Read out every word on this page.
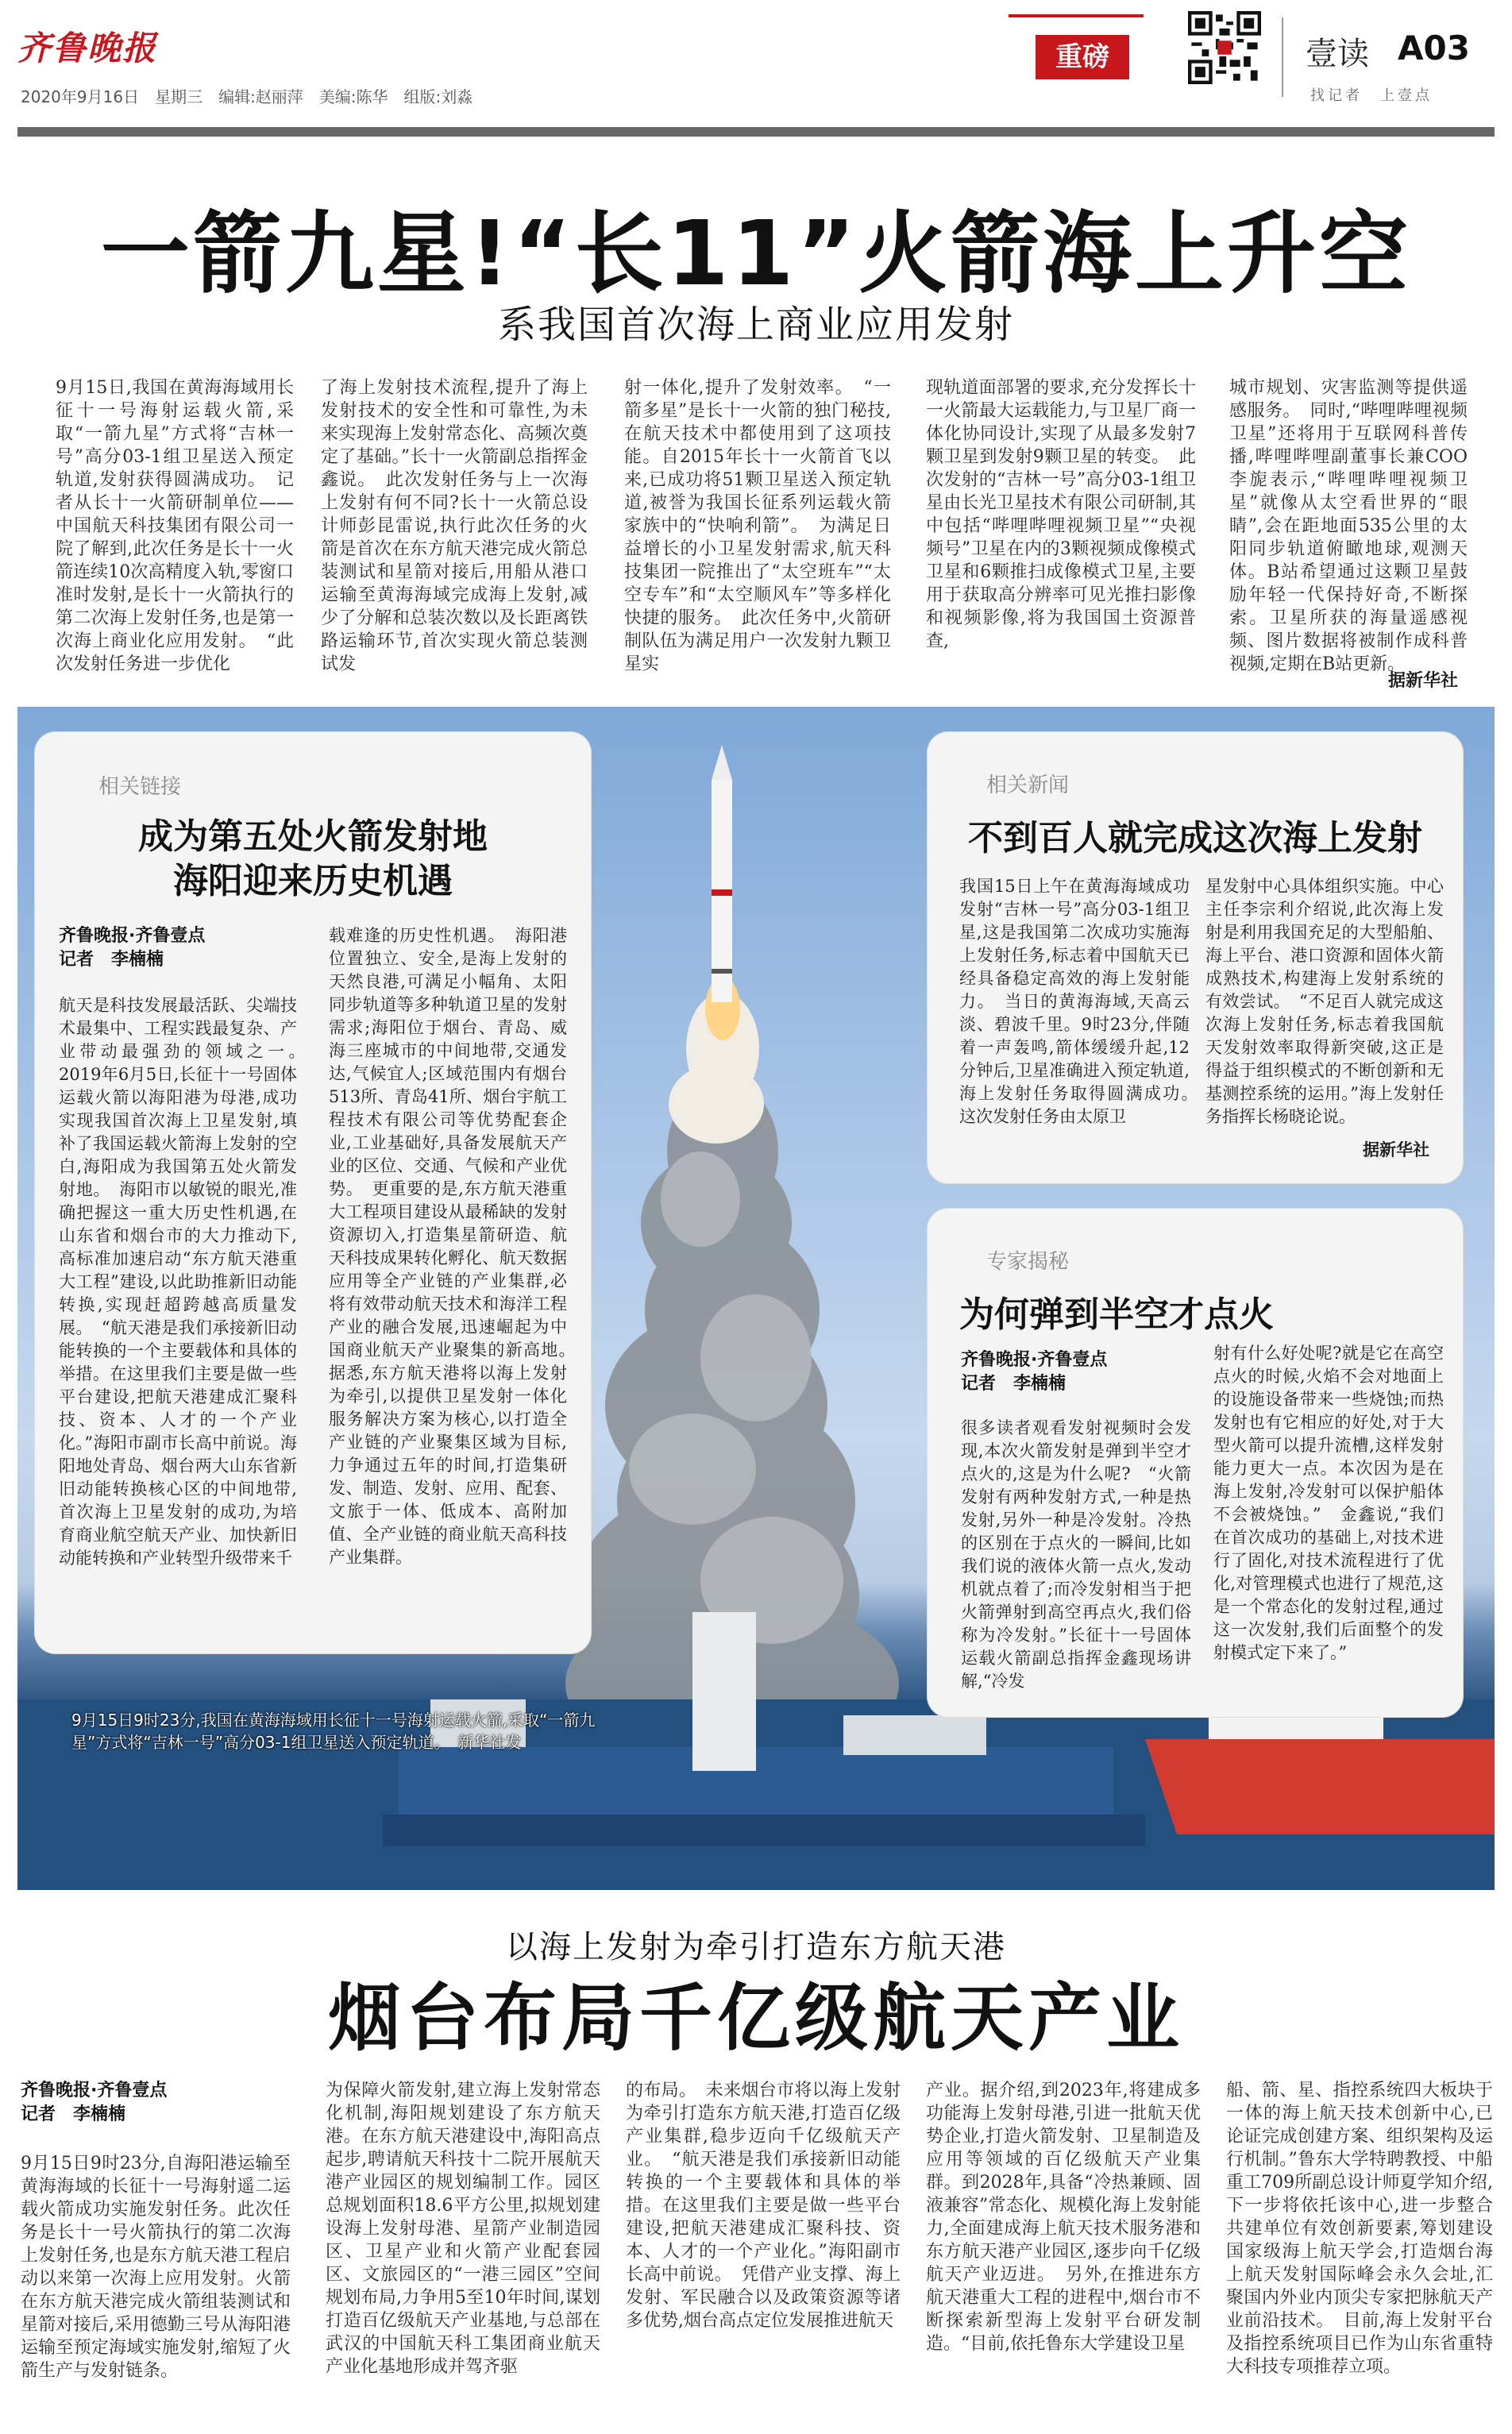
齐鲁晚报
2020年9月16日　星期三　编辑:赵丽萍　美编:陈华　组版:刘淼
重磅	壹读 A03
找记者　上壹点
一箭九星!“长11”火箭海上升空
系我国首次海上商业应用发射
9月15日,我国在黄海海域用长征十一号海射运载火箭,采取“一箭九星”方式将“吉林一号”高分03-1组卫星送入预定轨道,发射获得圆满成功。　记者从长十一火箭研制单位——中国航天科技集团有限公司一院了解到,此次任务是长十一火箭连续10次高精度入轨,零窗口准时发射,是长十一火箭执行的第二次海上发射任务,也是第一次海上商业化应用发射。　“此次发射任务进一步优化
了海上发射技术流程,提升了海上发射技术的安全性和可靠性,为未来实现海上发射常态化、高频次奠定了基础。”长十一火箭副总指挥金鑫说。　此次发射任务与上一次海上发射有何不同?长十一火箭总设计师彭昆雷说,执行此次任务的火箭是首次在东方航天港完成火箭总装测试和星箭对接后,用船从港口运输至黄海海域完成海上发射,减少了分解和总装次数以及长距离铁路运输环节,首次实现火箭总装测试发
射一体化,提升了发射效率。　“一箭多星”是长十一火箭的独门秘技,在航天技术中都使用到了这项技能。自2015年长十一火箭首飞以来,已成功将51颗卫星送入预定轨道,被誉为我国长征系列运载火箭家族中的“快响利箭”。　为满足日益增长的小卫星发射需求,航天科技集团一院推出了“太空班车”“太空专车”和“太空顺风车”等多样化快捷的服务。　此次任务中,火箭研制队伍为满足用户一次发射九颗卫星实
现轨道面部署的要求,充分发挥长十一火箭最大运载能力,与卫星厂商一体化协同设计,实现了从最多发射7颗卫星到发射9颗卫星的转变。　此次发射的“吉林一号”高分03-1组卫星由长光卫星技术有限公司研制,其中包括“哔哩哔哩视频卫星”“央视频号”卫星在内的3颗视频成像模式卫星和6颗推扫成像模式卫星,主要用于获取高分辨率可见光推扫影像和视频影像,将为我国国土资源普查,
城市规划、灾害监测等提供遥感服务。　同时,“哔哩哔哩视频卫星”还将用于互联网科普传播,哔哩哔哩副董事长兼COO李旎表示,“哔哩哔哩视频卫星”就像从太空看世界的“眼睛”,会在距地面535公里的太阳同步轨道俯瞰地球,观测天体。B站希望通过这颗卫星鼓励年轻一代保持好奇,不断探索。卫星所获的海量遥感视频、图片数据将被制作成科普视频,定期在B站更新。
据新华社
相关链接
成为第五处火箭发射地
海阳迎来历史机遇
齐鲁晚报·齐鲁壹点
记者　李楠楠
航天是科技发展最活跃、尖端技术最集中、工程实践最复杂、产业带动最强劲的领域之一。　2019年6月5日,长征十一号固体运载火箭以海阳港为母港,成功实现我国首次海上卫星发射,填补了我国运载火箭海上发射的空白,海阳成为我国第五处火箭发射地。　海阳市以敏锐的眼光,准确把握这一重大历史性机遇,在山东省和烟台市的大力推动下,高标准加速启动“东方航天港重大工程”建设,以此助推新旧动能转换,实现赶超跨越高质量发展。　“航天港是我们承接新旧动能转换的一个主要载体和具体的举措。在这里我们主要是做一些平台建设,把航天港建成汇聚科技、资本、人才的一个产业化。”海阳市副市长高中前说。海阳地处青岛、烟台两大山东省新旧动能转换核心区的中间地带,首次海上卫星发射的成功,为培育商业航空航天产业、加快新旧动能转换和产业转型升级带来千
载难逢的历史性机遇。　海阳港位置独立、安全,是海上发射的天然良港,可满足小幅角、太阳同步轨道等多种轨道卫星的发射需求;海阳位于烟台、青岛、威海三座城市的中间地带,交通发达,气候宜人;区域范围内有烟台513所、青岛41所、烟台宇航工程技术有限公司等优势配套企业,工业基础好,具备发展航天产业的区位、交通、气候和产业优势。　更重要的是,东方航天港重大工程项目建设从最稀缺的发射资源切入,打造集星箭研造、航天科技成果转化孵化、航天数据应用等全产业链的产业集群,必将有效带动航天技术和海洋工程产业的融合发展,迅速崛起为中国商业航天产业聚集的新高地。　据悉,东方航天港将以海上发射为牵引,以提供卫星发射一体化服务解决方案为核心,以打造全产业链的产业聚集区域为目标,力争通过五年的时间,打造集研发、制造、发射、应用、配套、文旅于一体、低成本、高附加值、全产业链的商业航天高科技产业集群。
相关新闻
不到百人就完成这次海上发射
我国15日上午在黄海海域成功发射“吉林一号”高分03-1组卫星,这是我国第二次成功实施海上发射任务,标志着中国航天已经具备稳定高效的海上发射能力。　当日的黄海海域,天高云淡、碧波千里。9时23分,伴随着一声轰鸣,箭体缓缓升起,12分钟后,卫星准确进入预定轨道,海上发射任务取得圆满成功。　这次发射任务由太原卫
星发射中心具体组织实施。中心主任李宗利介绍说,此次海上发射是利用我国充足的大型船舶、海上平台、港口资源和固体火箭成熟技术,构建海上发射系统的有效尝试。　“不足百人就完成这次海上发射任务,标志着我国航天发射效率取得新突破,这正是得益于组织模式的不断创新和无基测控系统的运用。”海上发射任务指挥长杨晓论说。
据新华社
专家揭秘
为何弹到半空才点火
齐鲁晚报·齐鲁壹点
记者　李楠楠
很多读者观看发射视频时会发现,本次火箭发射是弹到半空才点火的,这是为什么呢?　“火箭发射有两种发射方式,一种是热发射,另外一种是冷发射。冷热的区别在于点火的一瞬间,比如我们说的液体火箭一点火,发动机就点着了;而冷发射相当于把火箭弹射到高空再点火,我们俗称为冷发射。”长征十一号固体运载火箭副总指挥金鑫现场讲解,“冷发
射有什么好处呢?就是它在高空点火的时候,火焰不会对地面上的设施设备带来一些烧蚀;而热发射也有它相应的好处,对于大型火箭可以提升流槽,这样发射能力更大一点。本次因为是在海上发射,冷发射可以保护船体不会被烧蚀。”　金鑫说,“我们在首次成功的基础上,对技术进行了固化,对技术流程进行了优化,对管理模式也进行了规范,这是一个常态化的发射过程,通过这一次发射,我们后面整个的发射模式定下来了。”
9月15日9时23分,我国在黄海海域用长征十一号海射运载火箭,采取“一箭九星”方式将“吉林一号”高分03-1组卫星送入预定轨道。　新华社发
以海上发射为牵引打造东方航天港
烟台布局千亿级航天产业
齐鲁晚报·齐鲁壹点
记者　李楠楠
9月15日9时23分,自海阳港运输至黄海海域的长征十一号海射遥二运载火箭成功实施发射任务。此次任务是长十一号火箭执行的第二次海上发射任务,也是东方航天港工程启动以来第一次海上应用发射。火箭在东方航天港完成火箭组装测试和星箭对接后,采用德勤三号从海阳港运输至预定海域实施发射,缩短了火箭生产与发射链条。
为保障火箭发射,建立海上发射常态化机制,海阳规划建设了东方航天港。在东方航天港建设中,海阳高点起步,聘请航天科技十二院开展航天港产业园区的规划编制工作。园区总规划面积18.6平方公里,拟规划建设海上发射母港、星箭产业制造园区、卫星产业和火箭产业配套园区、文旅园区的“一港三园区”空间规划布局,力争用5至10年时间,谋划打造百亿级航天产业基地,与总部在武汉的中国航天科工集团商业航天产业化基地形成并驾齐驱
的布局。　未来烟台市将以海上发射为牵引打造东方航天港,打造百亿级产业集群,稳步迈向千亿级航天产业。　“航天港是我们承接新旧动能转换的一个主要载体和具体的举措。在这里我们主要是做一些平台建设,把航天港建成汇聚科技、资本、人才的一个产业化。”海阳副市长高中前说。　凭借产业支撑、海上发射、军民融合以及政策资源等诸多优势,烟台高点定位发展推进航天
产业。据介绍,到2023年,将建成多功能海上发射母港,引进一批航天优势企业,打造火箭发射、卫星制造及应用等领域的百亿级航天产业集群。到2028年,具备“冷热兼顾、固液兼容”常态化、规模化海上发射能力,全面建成海上航天技术服务港和东方航天港产业园区,逐步向千亿级航天产业迈进。　另外,在推进东方航天港重大工程的进程中,烟台市不断探索新型海上发射平台研发制造。“目前,依托鲁东大学建设卫星
船、箭、星、指控系统四大板块于一体的海上航天技术创新中心,已论证完成创建方案、组织架构及运行机制。”鲁东大学特聘教授、中船重工709所副总设计师夏学知介绍,下一步将依托该中心,进一步整合共建单位有效创新要素,筹划建设国家级海上航天学会,打造烟台海上航天发射国际峰会永久会址,汇聚国内外业内顶尖专家把脉航天产业前沿技术。　目前,海上发射平台及指控系统项目已作为山东省重特大科技专项推荐立项。
